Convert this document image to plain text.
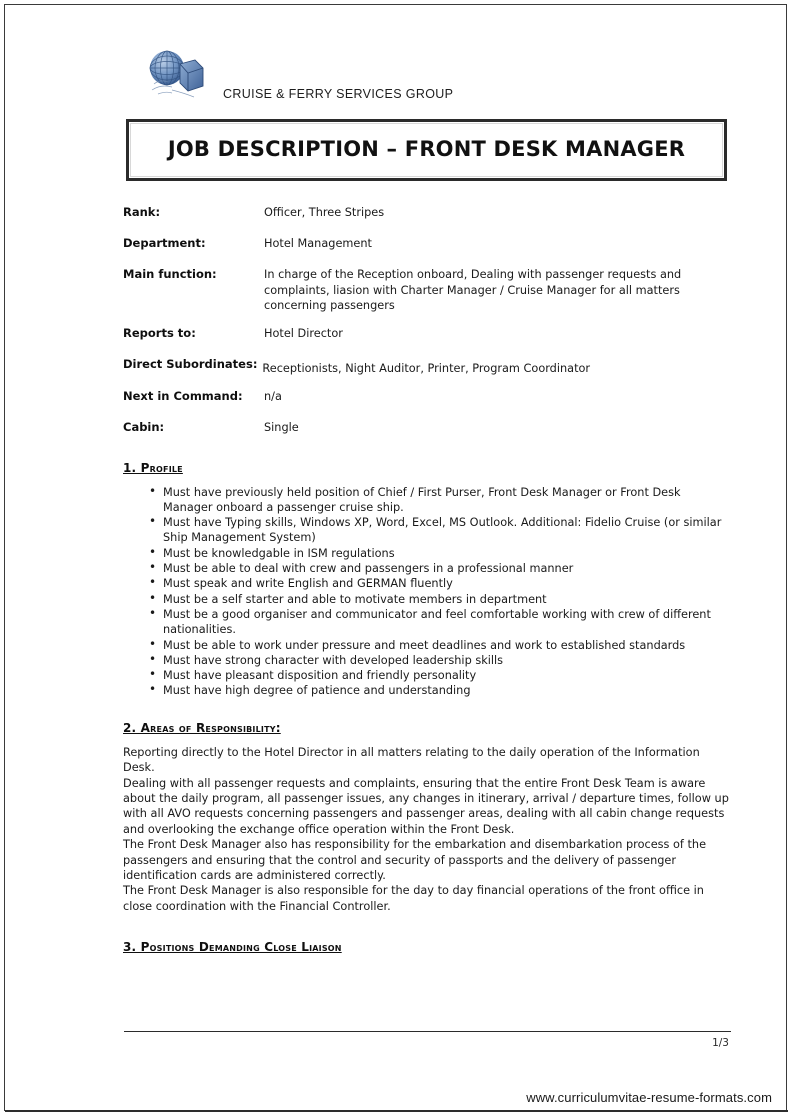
CRUISE & FERRY SERVICES GROUP
JOB DESCRIPTION – FRONT DESK MANAGER
Rank:	Officer, Three Stripes
Department:	Hotel Management
Main function:	In charge of the Reception onboard, Dealing with passenger requests and complaints, liasion with Charter Manager / Cruise Manager for all matters concerning passengers
Reports to:	Hotel Director
Direct Subordinates: Receptionists, Night Auditor, Printer, Program Coordinator
Next in Command: n/a
Cabin:	Single
1. Profile
• Must have previously held position of Chief / First Purser, Front Desk Manager or Front Desk Manager onboard a passenger cruise ship.
• Must have Typing skills, Windows XP, Word, Excel, MS Outlook. Additional: Fidelio Cruise (or similar Ship Management System)
• Must be knowledgable in ISM regulations
• Must be able to deal with crew and passengers in a professional manner
• Must speak and write English and GERMAN fluently
• Must be a self starter and able to motivate members in department
• Must be a good organiser and communicator and feel comfortable working with crew of different nationalities.
• Must be able to work under pressure and meet deadlines and work to established standards
• Must have strong character with developed leadership skills
• Must have pleasant disposition and friendly personality
• Must have high degree of patience and understanding
2. Areas of Responsibility:

Reporting directly to the Hotel Director in all matters relating to the daily operation of the Information Desk.

Dealing with all passenger requests and complaints, ensuring that the entire Front Desk Team is aware about the daily program, all passenger issues, any changes in itinerary, arrival / departure times, follow up with all AVO requests concerning passengers and passenger areas, dealing with all cabin change requests and overlooking the exchange office operation within the Front Desk.

The Front Desk Manager also has responsibility for the embarkation and disembarkation process of the passengers and ensuring that the control and security of passports and the delivery of passenger identification cards are administered correctly.

The Front Desk Manager is also responsible for the day to day financial operations of the front office in close coordination with the Financial Controller.

3. Positions Demanding Close Liaison
1/3
www.curriculumvitae-resume-formats.com
